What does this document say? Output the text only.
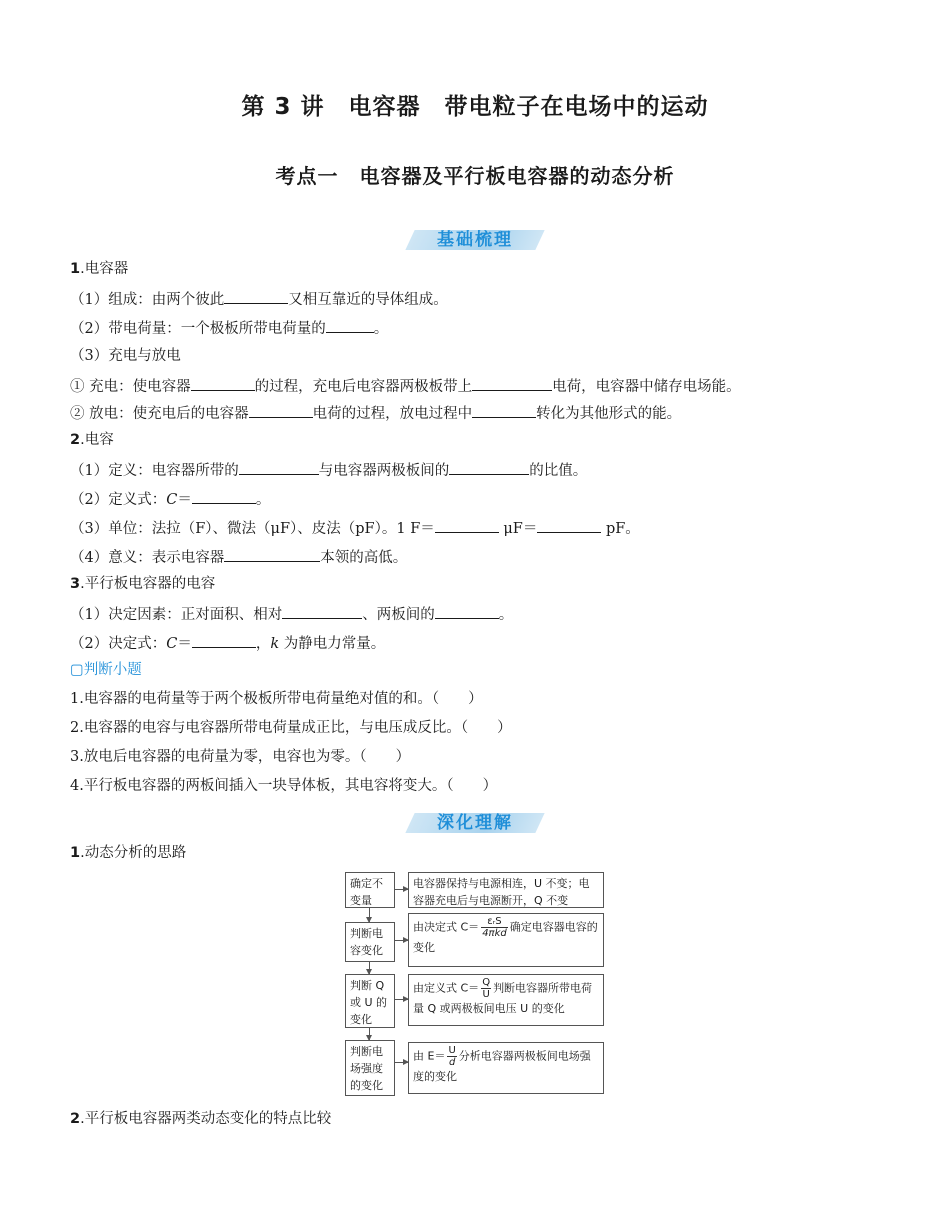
第 3 讲　电容器　带电粒子在电场中的运动
考点一　电容器及平行板电容器的动态分析
基础梳理
1.电容器
（1）组成：由两个彼此	又相互靠近的导体组成。
（2）带电荷量：一个极板所带电荷量的	。
（3）充电与放电
① 充电：使电容器	的过程，充电后电容器两极板带上	电荷，电容器中储存电场能。
② 放电：使充电后的电容器	电荷的过程，放电过程中	转化为其他形式的能。
2.电容
（1）定义：电容器所带的	与电容器两极板间的	的比值。
（2）定义式：C＝	。
（3）单位：法拉（F）、微法（μF）、皮法（pF）。1 F＝	μF＝	pF。
（4）意义：表示电容器	本领的高低。
3.平行板电容器的电容
（1）决定因素：正对面积、相对	、两板间的	。
（2）决定式：C＝	，k 为静电力常量。
▢判断小题
1.电容器的电荷量等于两个极板所带电荷量绝对值的和。（　　）
2.电容器的电容与电容器所带电荷量成正比，与电压成反比。（　　）
3.放电后电容器的电荷量为零，电容也为零。（　　）
4.平行板电容器的两板间插入一块导体板，其电容将变大。（　　）
深化理解
1.动态分析的思路
确定不变量
电容器保持与电源相连，U 不变；电容器充电后与电源断开，Q 不变
判断电容变化
由决定式 $C= \frac{\text{εᵣS}}{\text{4πkd}}$ 确定电容器电容的变化
判断 Q 或 U 的变化
由定义式 $C= \frac{Q}{U}$ 判断电容器所带电荷量 Q 或两极板间电压 U 的变化
判断电场强度的变化
由 $E= \frac{U}{d}$ 分析电容器两极板间电场强度的变化
2.平行板电容器两类动态变化的特点比较
